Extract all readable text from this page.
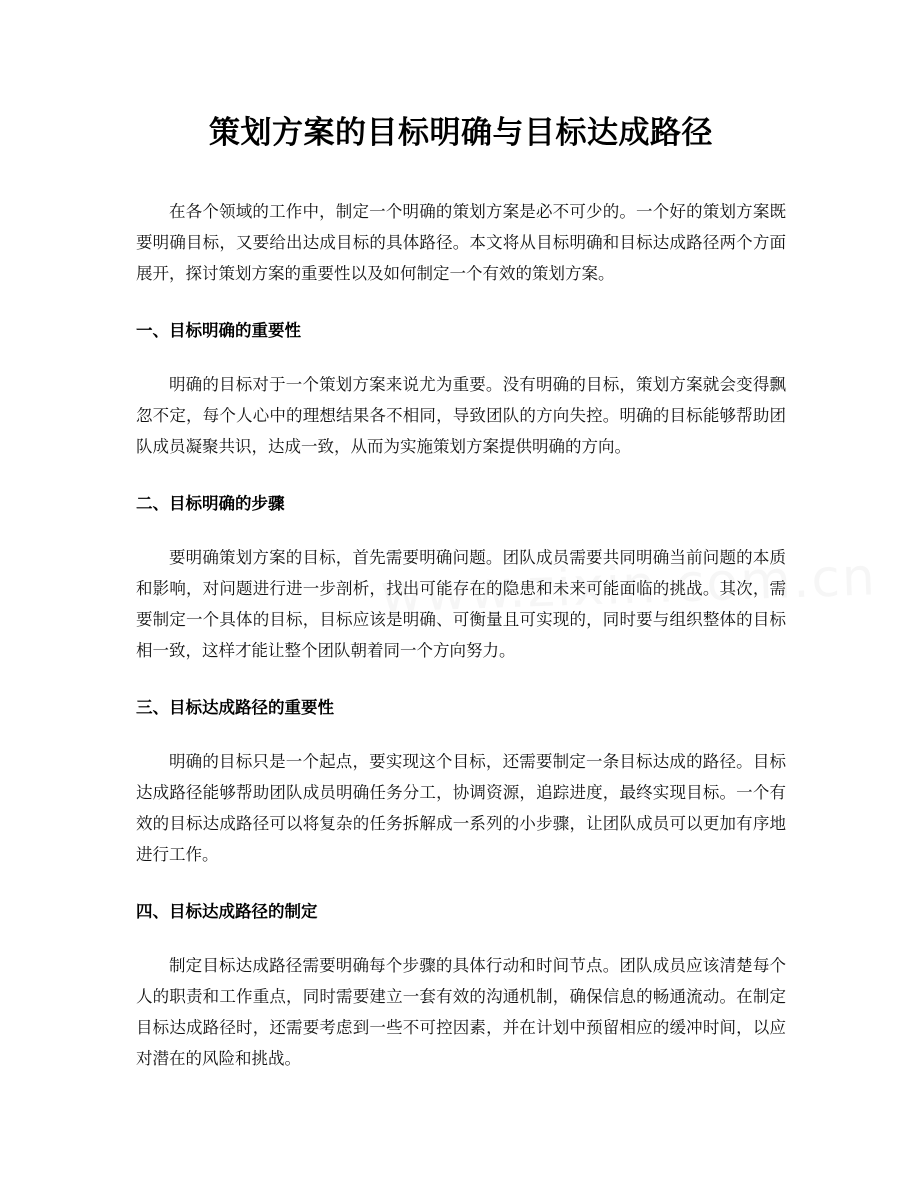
策划方案的目标明确与目标达成路径

在各个领域的工作中，制定一个明确的策划方案是必不可少的。一个好的策划方案既要明确目标，又要给出达成目标的具体路径。本文将从目标明确和目标达成路径两个方面展开，探讨策划方案的重要性以及如何制定一个有效的策划方案。

一、目标明确的重要性

明确的目标对于一个策划方案来说尤为重要。没有明确的目标，策划方案就会变得飘忽不定，每个人心中的理想结果各不相同，导致团队的方向失控。明确的目标能够帮助团队成员凝聚共识，达成一致，从而为实施策划方案提供明确的方向。

二、目标明确的步骤

要明确策划方案的目标，首先需要明确问题。团队成员需要共同明确当前问题的本质和影响，对问题进行进一步剖析，找出可能存在的隐患和未来可能面临的挑战。其次，需要制定一个具体的目标，目标应该是明确、可衡量且可实现的，同时要与组织整体的目标相一致，这样才能让整个团队朝着同一个方向努力。

三、目标达成路径的重要性

明确的目标只是一个起点，要实现这个目标，还需要制定一条目标达成的路径。目标达成路径能够帮助团队成员明确任务分工，协调资源，追踪进度，最终实现目标。一个有效的目标达成路径可以将复杂的任务拆解成一系列的小步骤，让团队成员可以更加有序地进行工作。

四、目标达成路径的制定

制定目标达成路径需要明确每个步骤的具体行动和时间节点。团队成员应该清楚每个人的职责和工作重点，同时需要建立一套有效的沟通机制，确保信息的畅通流动。在制定目标达成路径时，还需要考虑到一些不可控因素，并在计划中预留相应的缓冲时间，以应对潜在的风险和挑战。
